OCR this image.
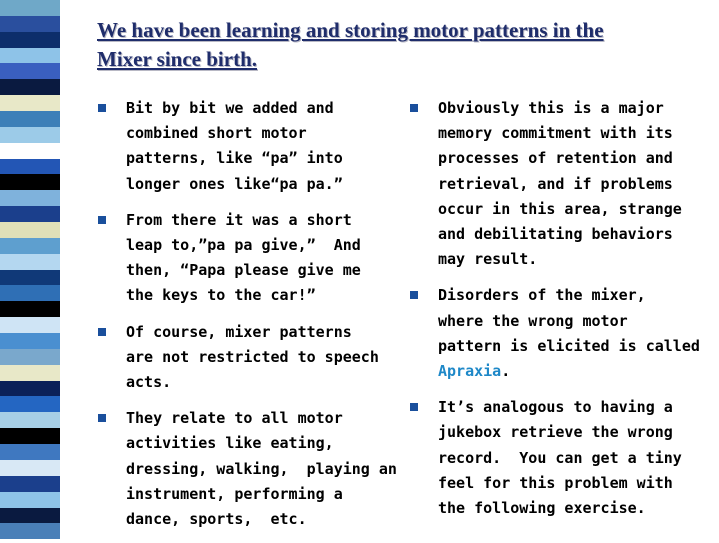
We have been learning and storing motor patterns in the
Mixer since birth.
Bit by bit we added and
combined short motor
patterns, like “pa” into
longer ones like“pa pa.”
From there it was a short
leap to,”pa pa give,”  And
then, “Papa please give me
the keys to the car!”
Of course, mixer patterns
are not restricted to speech
acts.
They relate to all motor
activities like eating,
dressing, walking,  playing an
instrument, performing a
dance, sports,  etc.
Obviously this is a major
memory commitment with its
processes of retention and
retrieval, and if problems
occur in this area, strange
and debilitating behaviors
may result.
Disorders of the mixer,
where the wrong motor
pattern is elicited is called
Apraxia.
It’s analogous to having a
jukebox retrieve the wrong
record.  You can get a tiny
feel for this problem with
the following exercise.
